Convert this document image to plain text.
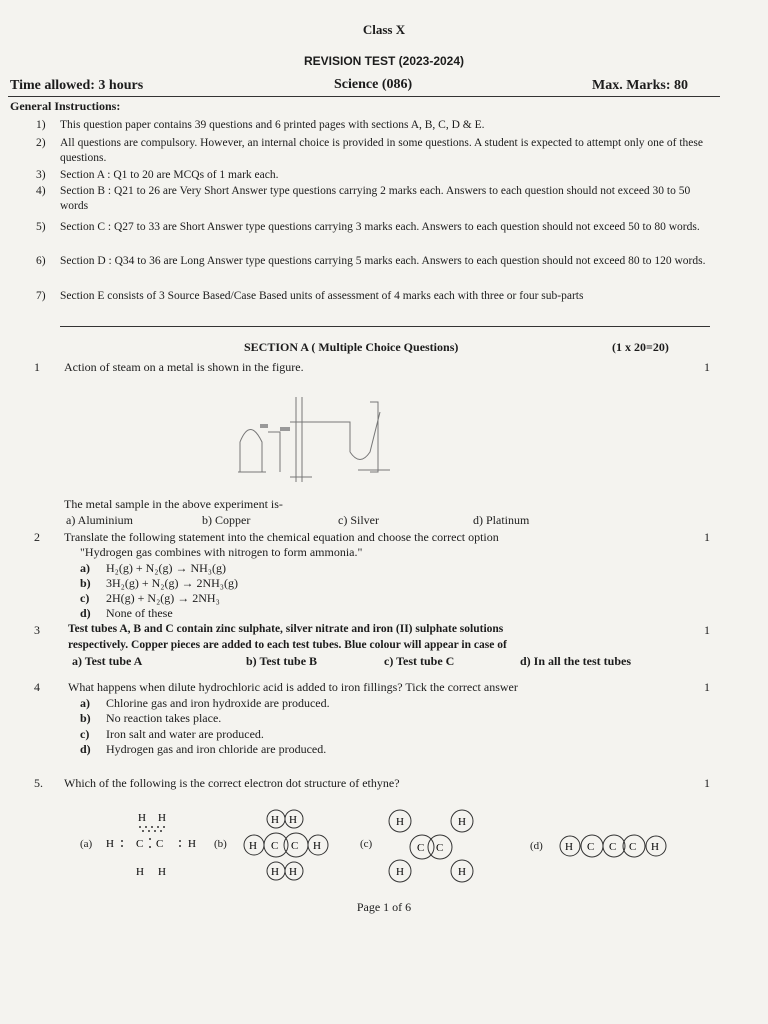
Class X
REVISION TEST (2023-2024)
Time allowed: 3 hours	Science (086)	Max. Marks: 80
General Instructions:
1)	This question paper contains 39 questions and 6 printed pages with sections A, B, C, D & E.
2)	All questions are compulsory. However, an internal choice is provided in some questions. A student is expected to attempt only one of these questions.
3)	Section A : Q1 to 20 are MCQs of 1 mark each.
4)	Section B : Q21 to 26 are Very Short Answer type questions carrying 2 marks each. Answers to each question should not exceed 30 to 50 words
5)	Section C : Q27 to 33 are Short Answer type questions carrying 3 marks each. Answers to each question should not exceed 50 to 80 words.
6)	Section D : Q34 to 36 are Long Answer type questions carrying 5 marks each. Answers to each question should not exceed 80 to 120 words.
7)	Section E consists of 3 Source Based/Case Based units of assessment of 4 marks each with three or four sub-parts
SECTION A ( Multiple Choice Questions)	(1 x 20=20)
1 Action of steam on a metal is shown in the figure.	1
The metal sample in the above experiment is-
a) Aluminium	b) Copper	c) Silver	d) Platinum
2 Translate the following statement into the chemical equation and choose the correct option	1
"Hydrogen gas combines with nitrogen to form ammonia."
a) H₂(g) + N₂(g) → NH₃(g)
b) 3H₂(g) + N₂(g) → 2NH₃(g)
c) 2H(g) + N₂(g) → 2NH₃
d) None of these
3 Test tubes A, B and C contain zinc sulphate, silver nitrate and iron (II) sulphate solutions	1
respectively. Copper pieces are added to each test tubes. Blue colour will appear in case of
a) Test tube A	b) Test tube B	c) Test tube C	d) In all the test tubes
4 What happens when dilute hydrochloric acid is added to iron fillings? Tick the correct answer	1
a) Chlorine gas and iron hydroxide are produced.
b) No reaction takes place.
c) Iron salt and water are produced.
d) Hydrogen gas and iron chloride are produced.
5. Which of the following is the correct electron dot structure of ethyne?	1
(a)
H H
H C C H
H H
(b)
H H
H C C H
H H
(c)
H	H
C C
H	H
(d) H C C C H
Page 1 of 6
